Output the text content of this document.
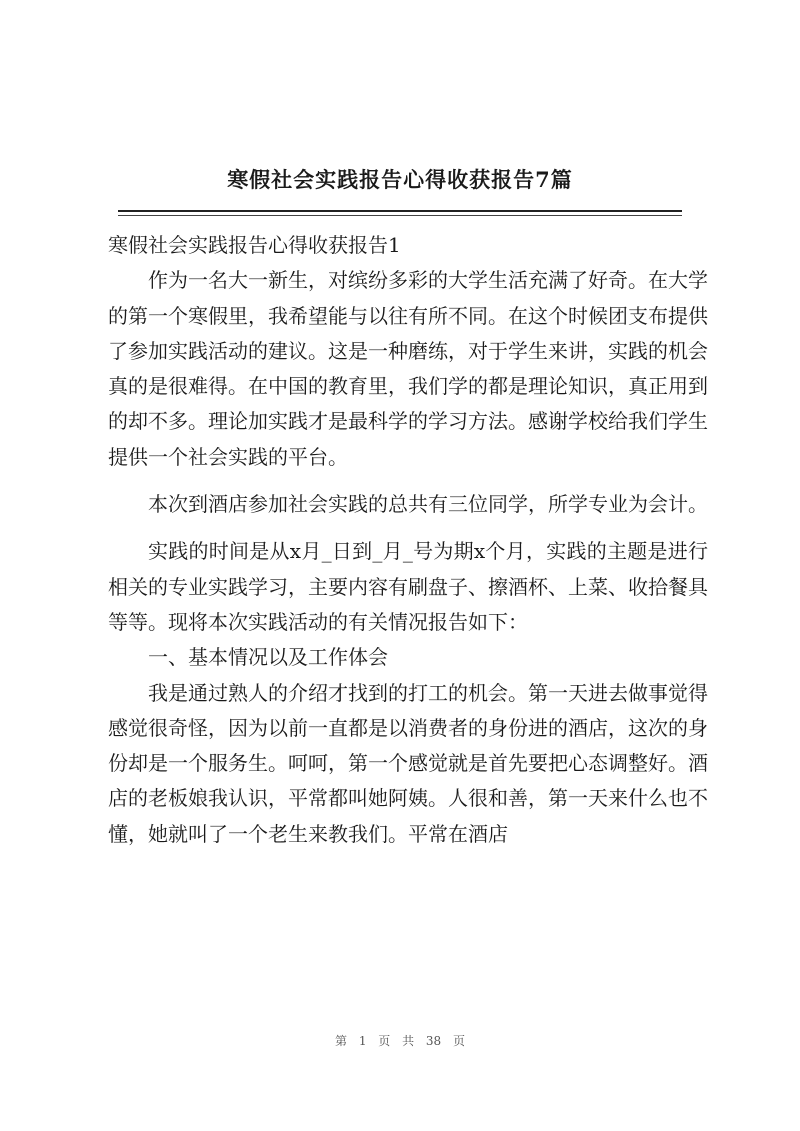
寒假社会实践报告心得收获报告7篇

寒假社会实践报告心得收获报告1

作为一名大一新生，对缤纷多彩的大学生活充满了好奇。在大学的第一个寒假里，我希望能与以往有所不同。在这个时候团支布提供了参加实践活动的建议。这是一种磨练，对于学生来讲，实践的机会真的是很难得。在中国的教育里，我们学的都是理论知识，真正用到的却不多。理论加实践才是最科学的学习方法。感谢学校给我们学生提供一个社会实践的平台。

本次到酒店参加社会实践的总共有三位同学，所学专业为会计。

实践的时间是从x月_日到_月_号为期x个月，实践的主题是进行相关的专业实践学习，主要内容有刷盘子、擦酒杯、上菜、收拾餐具等等。现将本次实践活动的有关情况报告如下：

一、基本情况以及工作体会

我是通过熟人的介绍才找到的打工的机会。第一天进去做事觉得感觉很奇怪，因为以前一直都是以消费者的身份进的酒店，这次的身份却是一个服务生。呵呵，第一个感觉就是首先要把心态调整好。酒店的老板娘我认识，平常都叫她阿姨。人很和善，第一天来什么也不懂，她就叫了一个老生来教我们。平常在酒店

第 1 页 共 38 页
